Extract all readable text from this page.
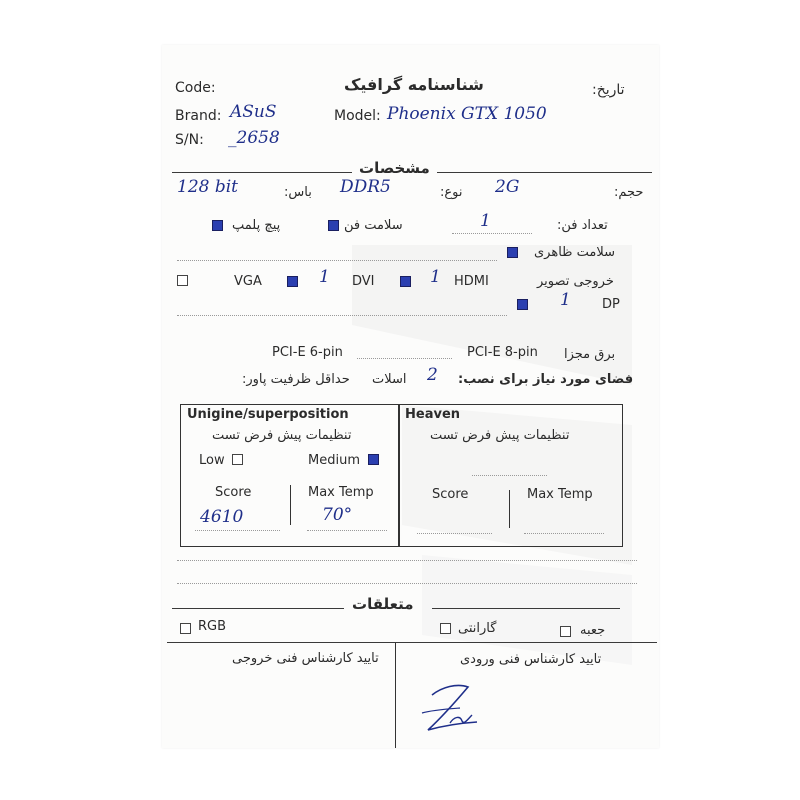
Code:	شناسنامه گرافیک	تاریخ:
Brand: ASuS	Model: Phoenix GTX 1050
S/N: _2658
مشخصات
128 bit	باس: DDR5	نوع: 2G	حجم:
پیچ پلمپ	سلامت فن	1	تعداد فن:
سلامت ظاهری
VGA	1 DVI	1 HDMI	خروجی تصویر
1 DP
PCI-E 6-pin	PCI-E 8-pin برق مجزا
حداقل ظرفیت پاور: اسلات 2 فضای مورد نیاز برای نصب:
Unigine/superposition
تنظیمات پیش فرض تست
Low	Medium
Score	Max Temp
4610	70°
Heaven
تنظیمات پیش فرض تست
Score	Max Temp
متعلقات
RGB	گارانتی	جعبه
تایید کارشناس فنی خروجی	تایید کارشناس فنی ورودی
